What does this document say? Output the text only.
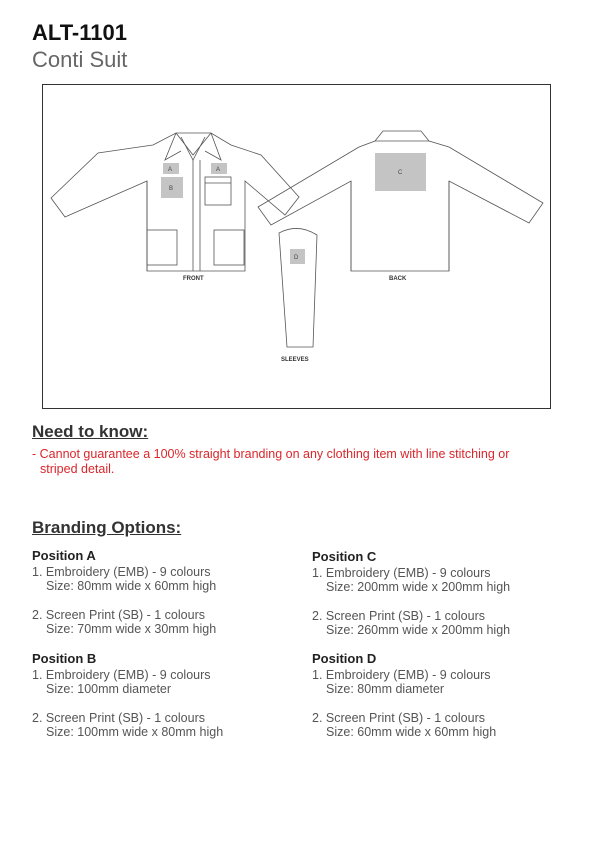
ALT-1101
Conti Suit
A	A
B
FRONT
C
BACK
D
SLEEVES
Need to know:
- Cannot guarantee a 100% straight branding on any clothing item with line stitching or
striped detail.
Branding Options:
Position A
1. Embroidery (EMB) - 9 colours
Size: 80mm wide x 60mm high
2. Screen Print (SB) - 1 colours
Size: 70mm wide x 30mm high
Position B
1. Embroidery (EMB) - 9 colours
Size: 100mm diameter
2. Screen Print (SB) - 1 colours
Size: 100mm wide x 80mm high
Position C
1. Embroidery (EMB) - 9 colours
Size: 200mm wide x 200mm high
2. Screen Print (SB) - 1 colours
Size: 260mm wide x 200mm high
Position D
1. Embroidery (EMB) - 9 colours
Size: 80mm diameter
2. Screen Print (SB) - 1 colours
Size: 60mm wide x 60mm high
